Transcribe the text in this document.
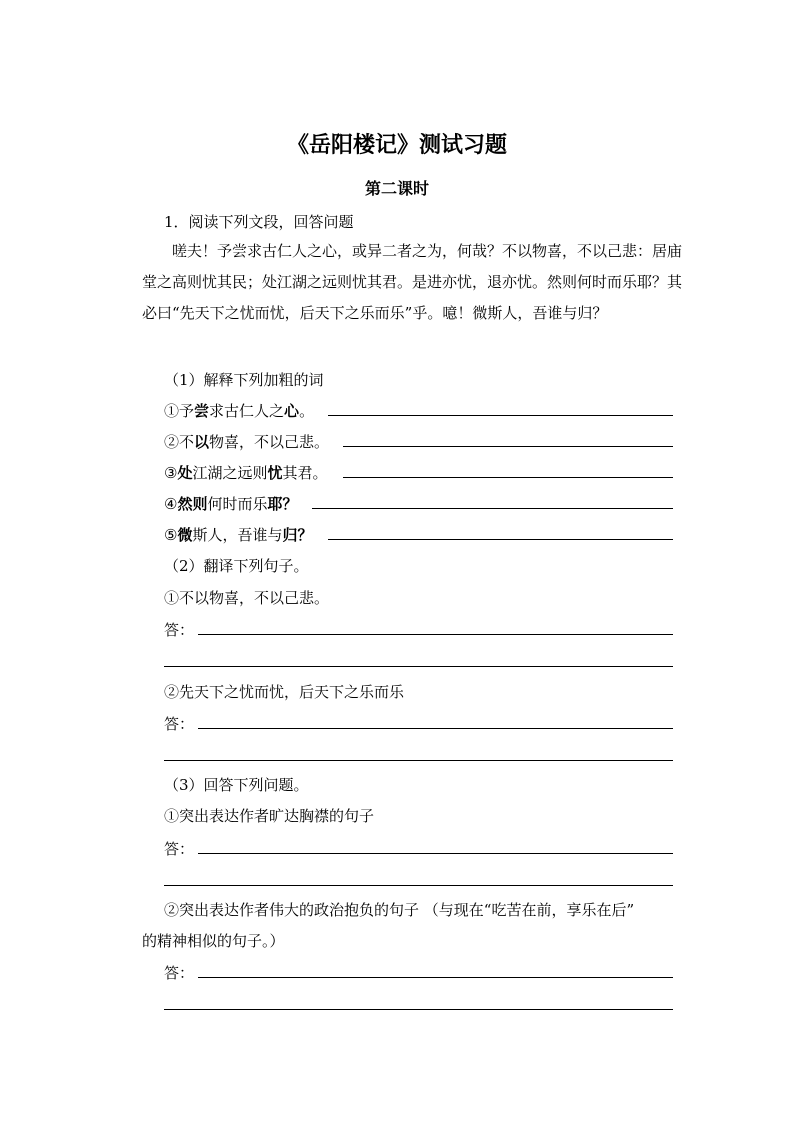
《岳阳楼记》测试习题
第二课时
1．阅读下列文段，回答问题

嗟夫！予尝求古仁人之心，或异二者之为，何哉？不以物喜，不以己悲：居庙堂之高则忧其民；处江湖之远则忧其君。是进亦忧，退亦忧。然则何时而乐耶？其必曰“先天下之忧而忧，后天下之乐而乐”乎。噫！微斯人，吾谁与归？

（1）解释下列加粗的词
①予尝求古仁人之心。
②不以物喜，不以己悲。
③处江湖之远则忧其君。
④然则何时而乐耶？
⑤微斯人，吾谁与归？
（2）翻译下列句子。
①不以物喜，不以己悲。
答：
②先天下之忧而忧，后天下之乐而乐
答：
（3）回答下列问题。
①突出表达作者旷达胸襟的句子
答：
②突出表达作者伟大的政治抱负的句子 （与现在“吃苦在前，享乐在后”
的精神相似的句子。）
答：
